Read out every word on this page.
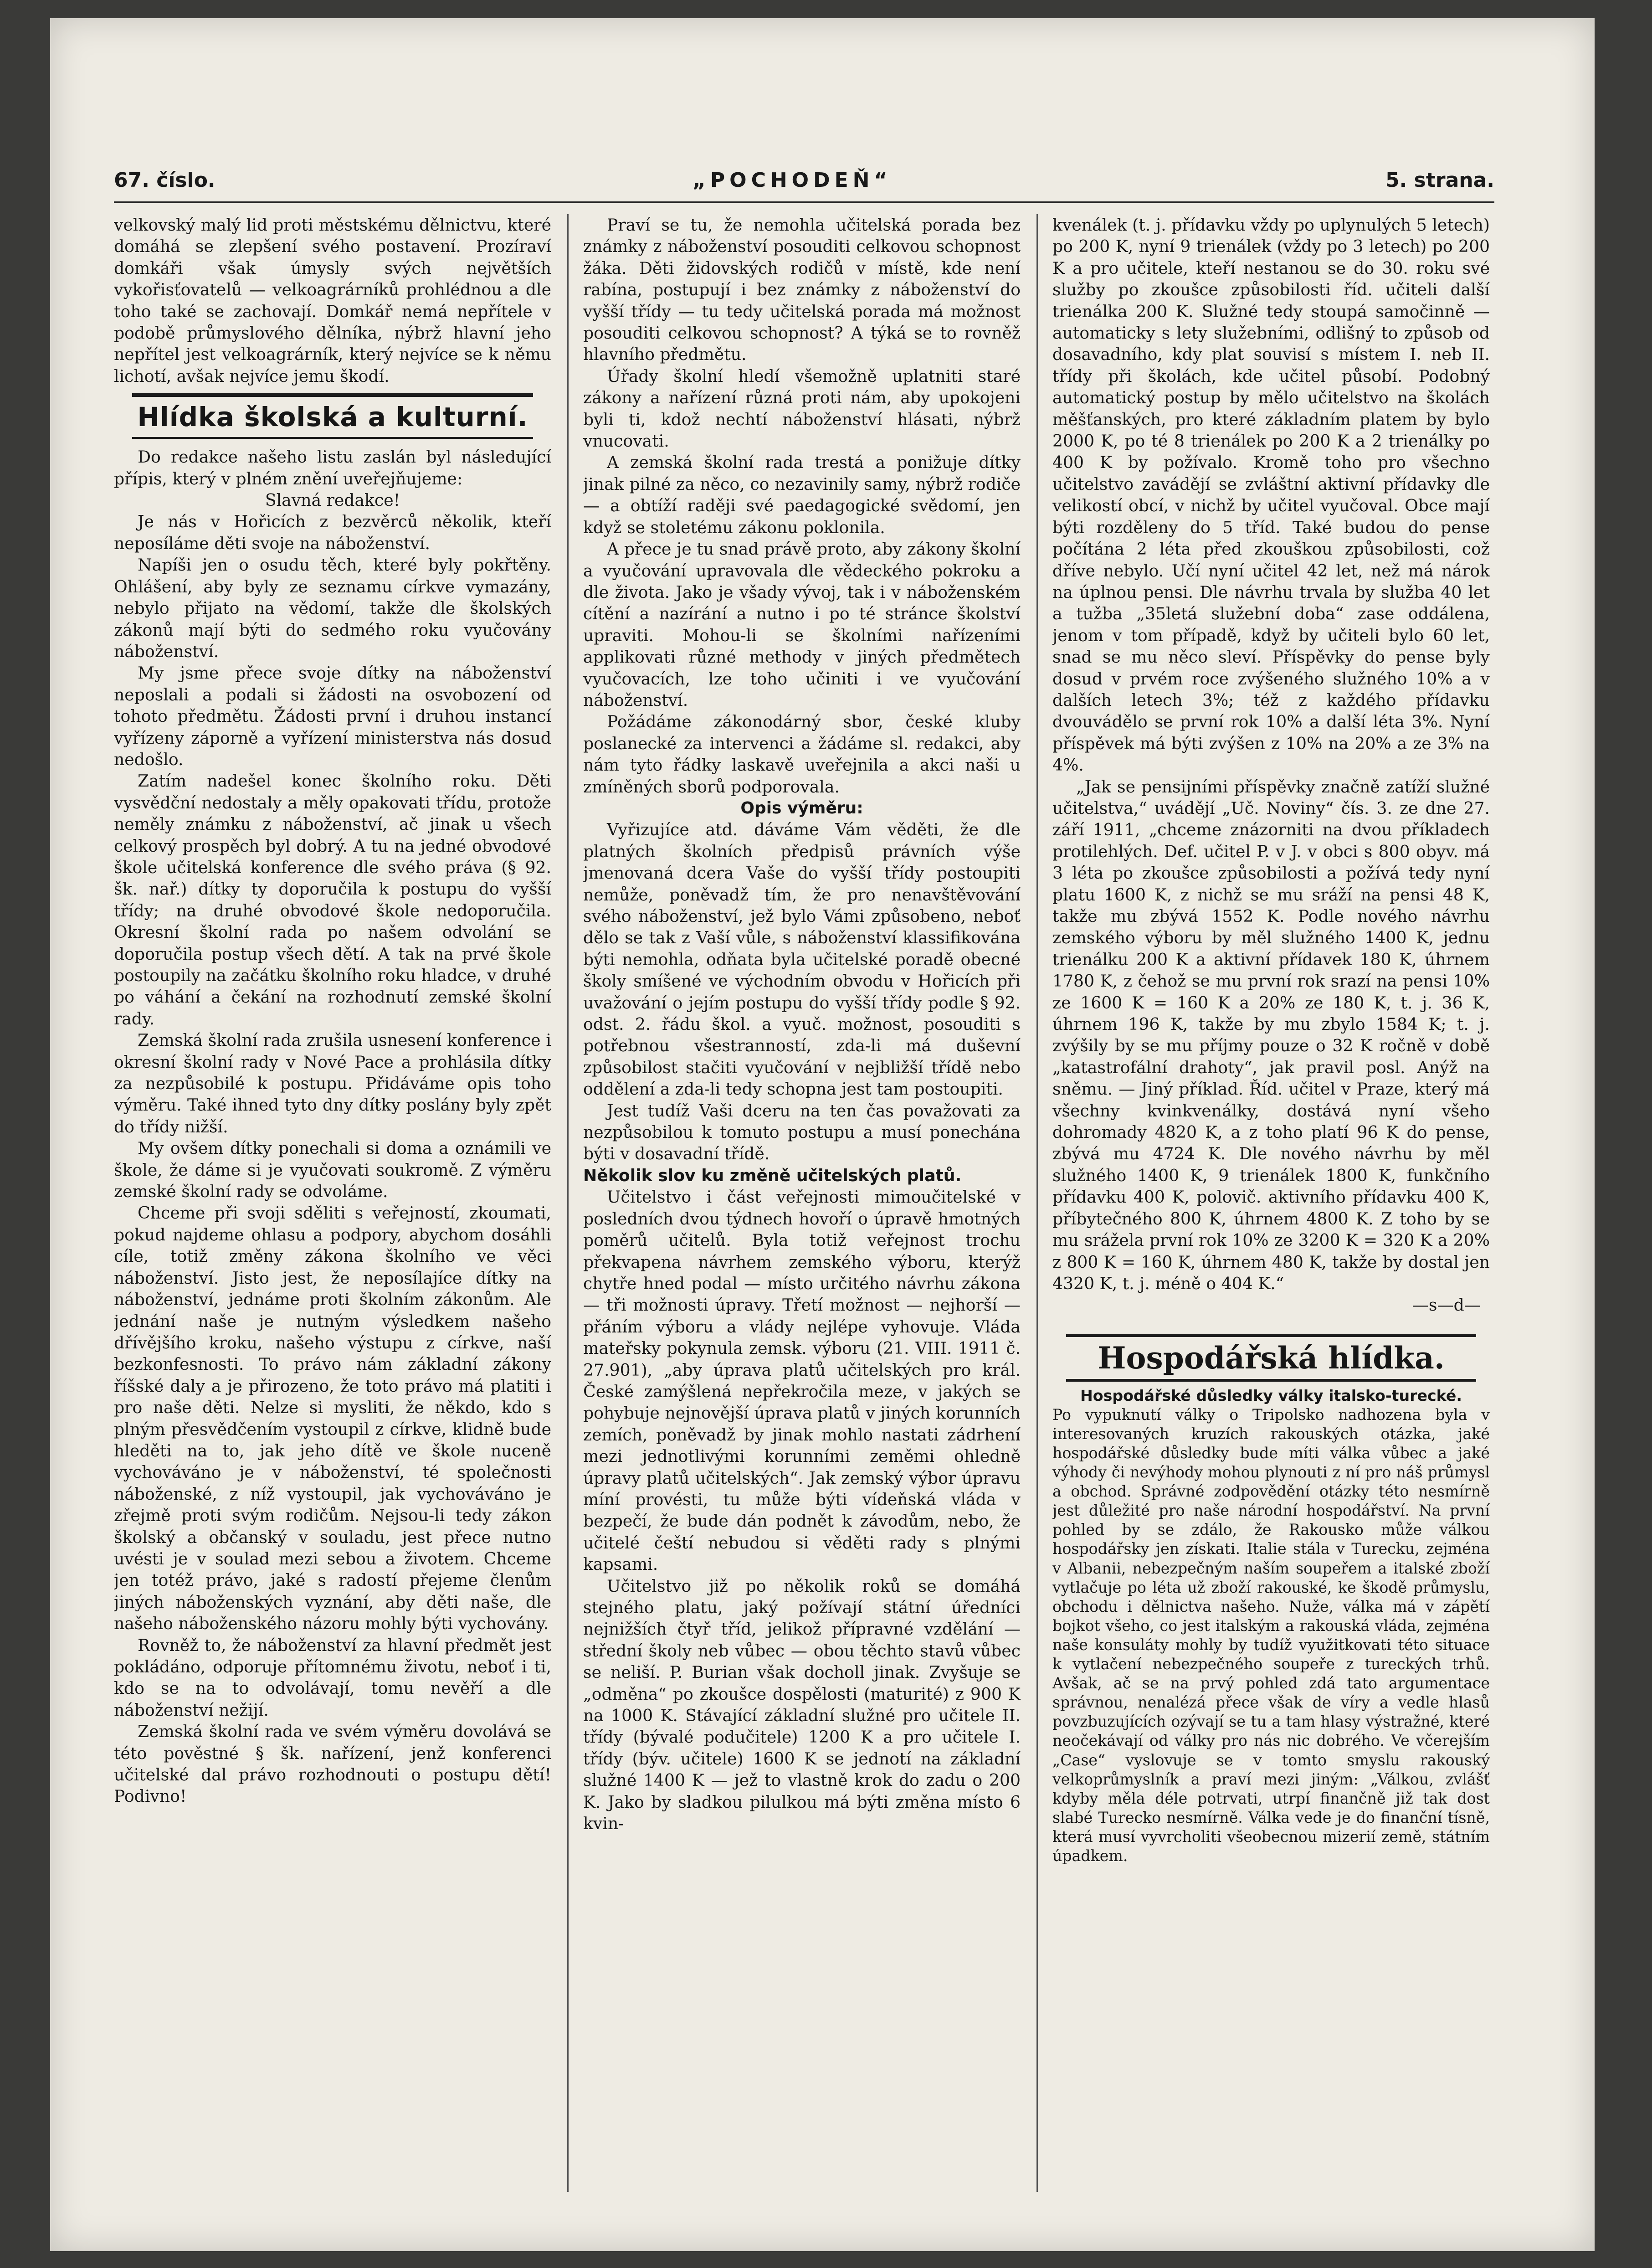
67. číslo.	„POCHODEŇ“	5. strana.

velkovský malý lid proti městskému dělnictvu, které domáhá se zlepšení svého postavení. Prozíraví domkáři však úmysly svých největších vykořisťovatelů — velkoagrárníků prohlédnou a dle toho také se zachovají. Domkář nemá nepřítele v podobě průmyslového dělníka, nýbrž hlavní jeho nepřítel jest velkoagrárník, který nejvíce se k němu lichotí, avšak nejvíce jemu škodí.

Hlídka školská a kulturní.

Do redakce našeho listu zaslán byl následující přípis, který v plném znění uveřejňujeme:

Slavná redakce!

Je nás v Hořicích z bezvěrců několik, kteří neposíláme děti svoje na náboženství.

Napíši jen o osudu těch, které byly pokřtěny. Ohlášení, aby byly ze seznamu církve vymazány, nebylo přijato na vědomí, takže dle školských zákonů mají býti do sedmého roku vyučovány náboženství.

My jsme přece svoje dítky na náboženství neposlali a podali si žádosti na osvobození od tohoto předmětu. Žádosti první i druhou instancí vyřízeny záporně a vyřízení ministerstva nás dosud nedošlo.

Zatím nadešel konec školního roku. Děti vysvědční nedostaly a měly opakovati třídu, protože neměly známku z náboženství, ač jinak u všech celkový prospěch byl dobrý. A tu na jedné obvodové škole učitelská konference dle svého práva (§ 92. šk. nař.) dítky ty doporučila k postupu do vyšší třídy; na druhé obvodové škole nedoporučila. Okresní školní rada po našem odvolání se doporučila postup všech dětí. A tak na prvé škole postoupily na začátku školního roku hladce, v druhé po váhání a čekání na rozhodnutí zemské školní rady.

Zemská školní rada zrušila usnesení konference i okresní školní rady v Nové Pace a prohlásila dítky za nezpůsobilé k postupu. Přidáváme opis toho výměru. Také ihned tyto dny dítky poslány byly zpět do třídy nižší.

My ovšem dítky ponechali si doma a oznámili ve škole, že dáme si je vyučovati soukromě. Z výměru zemské školní rady se odvoláme.

Chceme při svoji sděliti s veřejností, zkoumati, pokud najdeme ohlasu a podpory, abychom dosáhli cíle, totiž změny zákona školního ve věci náboženství. Jisto jest, že neposílajíce dítky na náboženství, jednáme proti školním zákonům. Ale jednání naše je nutným výsledkem našeho dřívějšího kroku, našeho výstupu z církve, naší bezkonfesnosti. To právo nám základní zákony říšské daly a je přirozeno, že toto právo má platiti i pro naše děti. Nelze si mysliti, že někdo, kdo s plným přesvědčením vystoupil z církve, klidně bude hleděti na to, jak jeho dítě ve škole nuceně vychováváno je v náboženství, té společnosti náboženské, z níž vystoupil, jak vychováváno je zřejmě proti svým rodičům. Nejsou-li tedy zákon školský a občanský v souladu, jest přece nutno uvésti je v soulad mezi sebou a životem. Chceme jen totéž právo, jaké s radostí přejeme členům jiných náboženských vyznání, aby děti naše, dle našeho náboženského názoru mohly býti vychovány.

Rovněž to, že náboženství za hlavní předmět jest pokládáno, odporuje přítomnému životu, neboť i ti, kdo se na to odvolávají, tomu nevěří a dle náboženství nežijí.

Zemská školní rada ve svém výměru dovolává se této pověstné § šk. nařízení, jenž konferenci učitelské dal právo rozhodnouti o postupu dětí! Podivno!

Praví se tu, že nemohla učitelská porada bez známky z náboženství posouditi celkovou schopnost žáka. Děti židovských rodičů v místě, kde není rabína, postupují i bez známky z náboženství do vyšší třídy — tu tedy učitelská porada má možnost posouditi celkovou schopnost? A týká se to rovněž hlavního předmětu.

Úřady školní hledí všemožně uplatniti staré zákony a nařízení různá proti nám, aby upokojeni byli ti, kdož nechtí náboženství hlásati, nýbrž vnucovati.

A zemská školní rada trestá a ponižuje dítky jinak pilné za něco, co nezavinily samy, nýbrž rodiče — a obtíží raději své paedagogické svědomí, jen když se stoletému zákonu poklonila.

A přece je tu snad právě proto, aby zákony školní a vyučování upravovala dle vědeckého pokroku a dle života. Jako je všady vývoj, tak i v náboženském cítění a nazírání a nutno i po té stránce školství upraviti. Mohou-li se školními nařízeními applikovati různé methody v jiných předmětech vyučovacích, lze toho učiniti i ve vyučování náboženství.

Požádáme zákonodárný sbor, české kluby poslanecké za intervenci a žádáme sl. redakci, aby nám tyto řádky laskavě uveřejnila a akci naši u zmíněných sborů podporovala.

Opis výměru:

Vyřizujíce atd. dáváme Vám věděti, že dle platných školních předpisů právních výše jmenovaná dcera Vaše do vyšší třídy postoupiti nemůže, poněvadž tím, že pro nenavštěvování svého náboženství, jež bylo Vámi způsobeno, neboť dělo se tak z Vaší vůle, s náboženství klassifikována býti nemohla, odňata byla učitelské poradě obecné školy smíšené ve východním obvodu v Hořicích při uvažování o jejím postupu do vyšší třídy podle § 92. odst. 2. řádu škol. a vyuč. možnost, posouditi s potřebnou všestranností, zda-li má duševní způsobilost stačiti vyučování v nejbližší třídě nebo oddělení a zda-li tedy schopna jest tam postoupiti.

Jest tudíž Vaši dceru na ten čas považovati za nezpůsobilou k tomuto postupu a musí ponechána býti v dosavadní třídě.

Několik slov ku změně učitelských platů.

Učitelstvo i část veřejnosti mimoučitelské v posledních dvou týdnech hovoří o úpravě hmotných poměrů učitelů. Byla totiž veřejnost trochu překvapena návrhem zemského výboru, kterýž chytře hned podal — místo určitého návrhu zákona — tři možnosti úpravy. Třetí možnost — nejhorší — přáním výboru a vlády nejlépe vyhovuje. Vláda mateřsky pokynula zemsk. výboru (21. VIII. 1911 č. 27.901), „aby úprava platů učitelských pro král. České zamýšlená nepřekročila meze, v jakých se pohybuje nejnovější úprava platů v jiných korunních zemích, poněvadž by jinak mohlo nastati zádrhení mezi jednotlivými korunními zeměmi ohledně úpravy platů učitelských“. Jak zemský výbor úpravu míní provésti, tu může býti vídeňská vláda v bezpečí, že bude dán podnět k závodům, nebo, že učitelé čeští nebudou si věděti rady s plnými kapsami.

Učitelstvo již po několik roků se domáhá stejného platu, jaký požívají státní úředníci nejnižších čtyř tříd, jelikož přípravné vzdělání — střední školy neb vůbec — obou těchto stavů vůbec se neliší. P. Burian však docholl jinak. Zvyšuje se „odměna“ po zkoušce dospělosti (maturité) z 900 K na 1000 K. Stávající základní služné pro učitele II. třídy (bývalé podučitele) 1200 K a pro učitele I. třídy (býv. učitele) 1600 K se jednotí na základní služné 1400 K — jež to vlastně krok do zadu o 200 K. Jako by sladkou pilulkou má býti změna místo 6 kvin-

kvenálek (t. j. přídavku vždy po uplynulých 5 letech) po 200 K, nyní 9 trienálek (vždy po 3 letech) po 200 K a pro učitele, kteří nestanou se do 30. roku své služby po zkoušce způsobilosti říd. učiteli další trienálka 200 K. Služné tedy stoupá samočinně — automaticky s lety služebními, odlišný to způsob od dosavadního, kdy plat souvisí s místem I. neb II. třídy při školách, kde učitel působí. Podobný automatický postup by mělo učitelstvo na školách měšťanských, pro které základním platem by bylo 2000 K, po té 8 trienálek po 200 K a 2 trienálky po 400 K by požívalo. Kromě toho pro všechno učitelstvo zavádějí se zvláštní aktivní přídavky dle velikostí obcí, v nichž by učitel vyučoval. Obce mají býti rozděleny do 5 tříd. Také budou do pense počítána 2 léta před zkouškou způsobilosti, což dříve nebylo. Učí nyní učitel 42 let, než má nárok na úplnou pensi. Dle návrhu trvala by služba 40 let a tužba „35letá služební doba“ zase oddálena, jenom v tom případě, když by učiteli bylo 60 let, snad se mu něco sleví. Příspěvky do pense byly dosud v prvém roce zvýšeného služného 10% a v dalších letech 3%; též z každého přídavku dvouvádělo se první rok 10% a další léta 3%. Nyní příspěvek má býti zvýšen z 10% na 20% a ze 3% na 4%.

„Jak se pensijními příspěvky značně zatíží služné učitelstva,“ uvádějí „Uč. Noviny“ čís. 3. ze dne 27. září 1911, „chceme znázorniti na dvou příkladech protilehlých. Def. učitel P. v J. v obci s 800 obyv. má 3 léta po zkoušce způsobilosti a požívá tedy nyní platu 1600 K, z nichž se mu sráží na pensi 48 K, takže mu zbývá 1552 K. Podle nového návrhu zemského výboru by měl služného 1400 K, jednu trienálku 200 K a aktivní přídavek 180 K, úhrnem 1780 K, z čehož se mu první rok srazí na pensi 10% ze 1600 K = 160 K a 20% ze 180 K, t. j. 36 K, úhrnem 196 K, takže by mu zbylo 1584 K; t. j. zvýšily by se mu příjmy pouze o 32 K ročně v době „katastrofální drahoty“, jak pravil posl. Anýž na sněmu. — Jiný příklad. Říd. učitel v Praze, který má všechny kvinkvenálky, dostává nyní všeho dohromady 4820 K, a z toho platí 96 K do pense, zbývá mu 4724 K. Dle nového návrhu by měl služného 1400 K, 9 trienálek 1800 K, funkčního přídavku 400 K, polovič. aktivního přídavku 400 K, příbytečného 800 K, úhrnem 4800 K. Z toho by se mu srážela první rok 10% ze 3200 K = 320 K a 20% z 800 K = 160 K, úhrnem 480 K, takže by dostal jen 4320 K, t. j. méně o 404 K.“

—s—d—

Hospodářská hlídka.
Hospodářské důsledky války italsko-turecké.

Po vypuknutí války o Tripolsko nadhozena byla v interesovaných kruzích rakouských otázka, jaké hospodářské důsledky bude míti válka vůbec a jaké výhody či nevýhody mohou plynouti z ní pro náš průmysl a obchod. Správné zodpovědění otázky této nesmírně jest důležité pro naše národní hospodářství. Na první pohled by se zdálo, že Rakousko může válkou hospodářsky jen získati. Italie stála v Turecku, zejména v Albanii, nebezpečným naším soupeřem a italské zboží vytlačuje po léta už zboží rakouské, ke škodě průmyslu, obchodu i dělnictva našeho. Nuže, válka má v zápětí bojkot všeho, co jest italským a rakouská vláda, zejména naše konsuláty mohly by tudíž využitkovati této situace k vytlačení nebezpečného soupeře z tureckých trhů. Avšak, ač se na prvý pohled zdá tato argumentace správnou, nenalézá přece však de víry a vedle hlasů povzbuzujících ozývají se tu a tam hlasy výstražné, které neočekávají od války pro nás nic dobrého. Ve včerejším „Case“ vyslovuje se v tomto smyslu rakouský velkoprůmyslník a praví mezi jiným: „Válkou, zvlášť kdyby měla déle potrvati, utrpí finančně již tak dost slabé Turecko nesmírně. Válka vede je do finanční tísně, která musí vyvrcholiti všeobecnou mizerií země, státním úpadkem.
